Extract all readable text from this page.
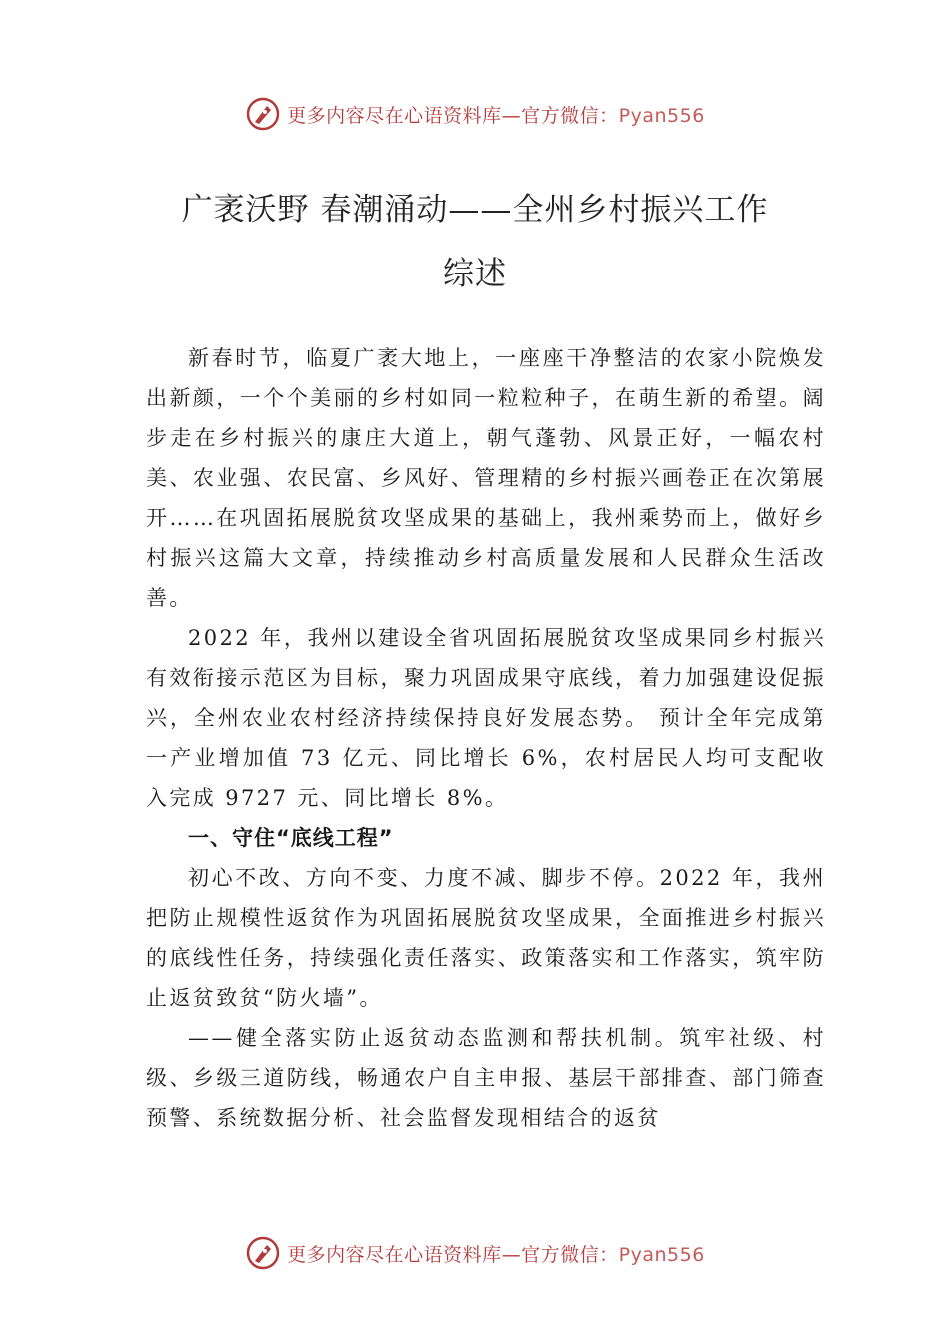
更多内容尽在心语资料库—官方微信：Pyan556
广袤沃野 春潮涌动——全州乡村振兴工作
综述

新春时节，临夏广袤大地上，一座座干净整洁的农家小院焕发出新颜，一个个美丽的乡村如同一粒粒种子，在萌生新的希望。阔步走在乡村振兴的康庄大道上，朝气蓬勃、风景正好，一幅农村美、农业强、农民富、乡风好、管理精的乡村振兴画卷正在次第展开……在巩固拓展脱贫攻坚成果的基础上，我州乘势而上，做好乡村振兴这篇大文章，持续推动乡村高质量发展和人民群众生活改善。

2022 年，我州以建设全省巩固拓展脱贫攻坚成果同乡村振兴有效衔接示范区为目标，聚力巩固成果守底线，着力加强建设促振兴，全州农业农村经济持续保持良好发展态势。 预计全年完成第一产业增加值 73 亿元、同比增长 6%，农村居民人均可支配收入完成 9727 元、同比增长 8%。

一、守住“底线工程”

初心不改、方向不变、力度不减、脚步不停。2022 年，我州把防止规模性返贫作为巩固拓展脱贫攻坚成果，全面推进乡村振兴的底线性任务，持续强化责任落实、政策落实和工作落实，筑牢防止返贫致贫“防火墙”。

——健全落实防止返贫动态监测和帮扶机制。筑牢社级、村级、乡级三道防线，畅通农户自主申报、基层干部排查、部门筛查预警、系统数据分析、社会监督发现相结合的返贫

更多内容尽在心语资料库—官方微信：Pyan556
